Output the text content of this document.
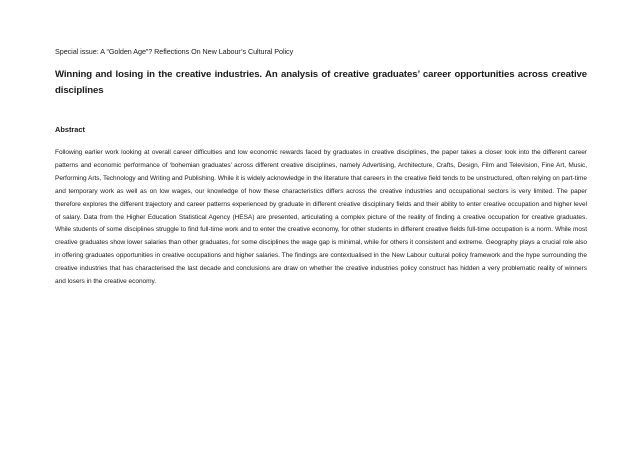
Special issue: A “Golden Age”? Reflections On New Labour’s Cultural Policy

Winning and losing in the creative industries. An analysis of creative graduates’ career opportunities across creative disciplines
Abstract

Following earlier work looking at overall career difficulties and low economic rewards faced by graduates in creative disciplines, the paper takes a closer look into the different career patterns and economic performance of ‘bohemian graduates’ across different creative disciplines, namely Advertising, Architecture, Crafts, Design, Film and Television, Fine Art, Music, Performing Arts, Technology and Writing and Publishing. While it is widely acknowledge in the literature that careers in the creative field tends to be unstructured, often relying on part-time and temporary work as well as on low wages, our knowledge of how these characteristics differs across the creative industries and occupational sectors is very limited. The paper therefore explores the different trajectory and career patterns experienced by graduate in different creative disciplinary fields and their ability to enter creative occupation and higher level of salary. Data from the Higher Education Statistical Agency (HESA) are presented, articulating a complex picture of the reality of finding a creative occupation for creative graduates. While students of some disciplines struggle to find full-time work and to enter the creative economy, for other students in different creative fields full-time occupation is a norm. While most creative graduates show lower salaries than other graduates, for some disciplines the wage gap is minimal, while for others it consistent and extreme. Geography plays a crucial role also in offering graduates opportunities in creative occupations and higher salaries. The findings are contextualised in the New Labour cultural policy framework and the hype surrounding the creative industries that has characterised the last decade and conclusions are draw on whether the creative industries policy construct has hidden a very problematic reality of winners and losers in the creative economy.
